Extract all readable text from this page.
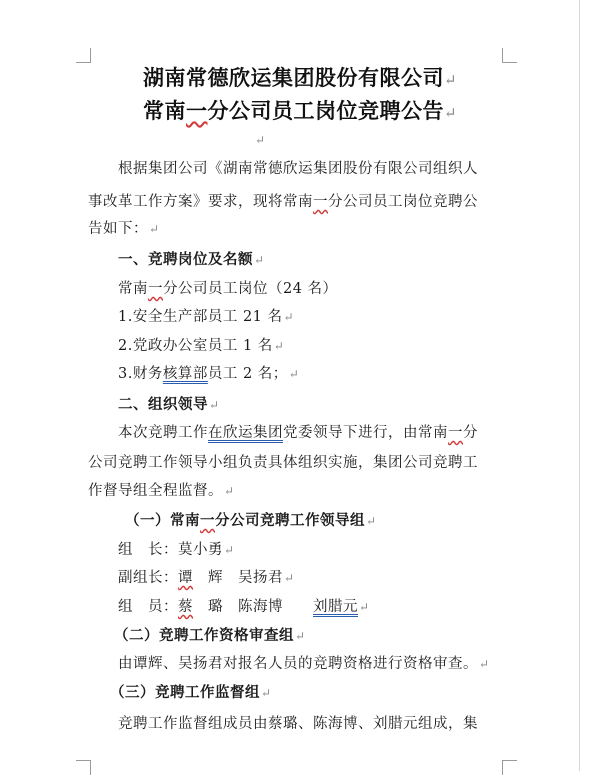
湖南常德欣运集团股份有限公司↵
常南一分公司员工岗位竞聘公告↵
↵
根据集团公司《湖南常德欣运集团股份有限公司组织人
事改革工作方案》要求，现将常南一分公司员工岗位竞聘公
告如下：↵
一、竞聘岗位及名额↵
常南一分公司员工岗位（24 名）
1.安全生产部员工 21 名↵
2.党政办公室员工 1 名↵
3.财务核算部员工 2 名；↵
二、组织领导↵
本次竞聘工作在欣运集团党委领导下进行，由常南一分
公司竞聘工作领导小组负责具体组织实施，集团公司竞聘工
作督导组全程监督。↵
（一）常南一分公司竞聘工作领导组↵
组　长：莫小勇↵
副组长：谭　辉　吴扬君↵
组　员：蔡　璐　陈海博　　刘腊元↵
（二）竞聘工作资格审查组↵
由谭辉、吴扬君对报名人员的竞聘资格进行资格审查。↵
（三）竞聘工作监督组↵
竞聘工作监督组成员由蔡璐、陈海博、刘腊元组成，集
